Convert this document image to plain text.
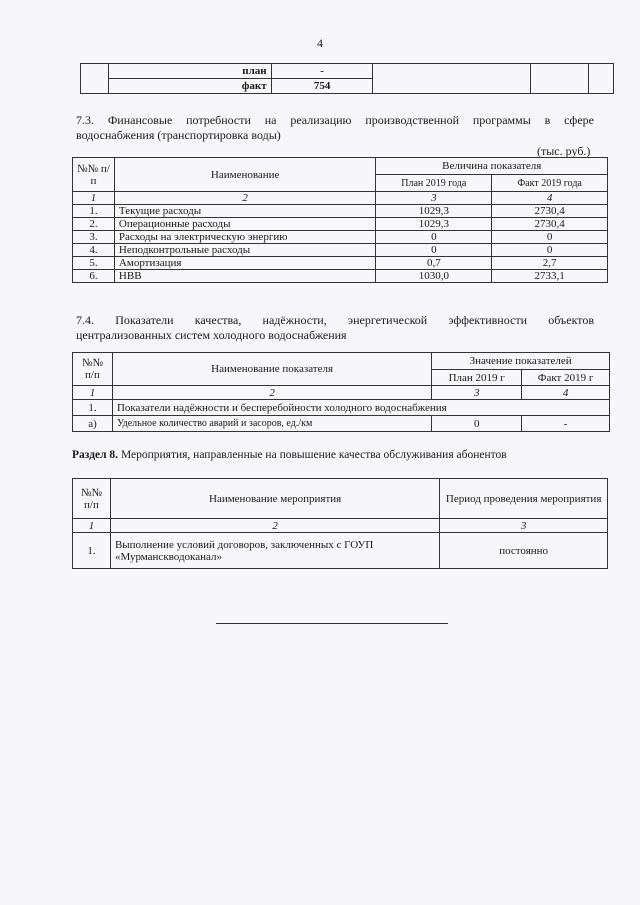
4
	план	-			
	факт	754			
7.3. Финансовые потребности на реализацию производственной программы в сфере
водоснабжения (транспортировка воды)
(тыс. руб.)
№№ п/п	Наименование	Величина показателя	
		План 2019 года	Факт 2019 года
1	2	3	4
1.	Текущие расходы	1029,3	2730,4
2.	Операционные расходы	1029,3	2730,4
3.	Расходы на электрическую энергию	0	0
4.	Неподконтрольные расходы	0	0
5.	Амортизация	0,7	2,7
6.	НВВ	1030,0	2733,1
7.4. Показатели качества, надёжности, энергетической эффективности объектов
централизованных систем холодного водоснабжения
№№ п/п	Наименование показателя	Значение показателей	
		План 2019 г	Факт 2019 г
1	2	3	4
1.	Показатели надёжности и бесперебойности холодного водоснабжения		
а)	Удельное количество аварий и засоров, ед./км	0	-
Раздел 8. Мероприятия, направленные на повышение качества обслуживания абонентов
№№ п/п	Наименование мероприятия	Период проведения мероприятия
1	2	3
1.	Выполнение условий договоров, заключенных с ГОУП «Мурманскводоканал»	постоянно
